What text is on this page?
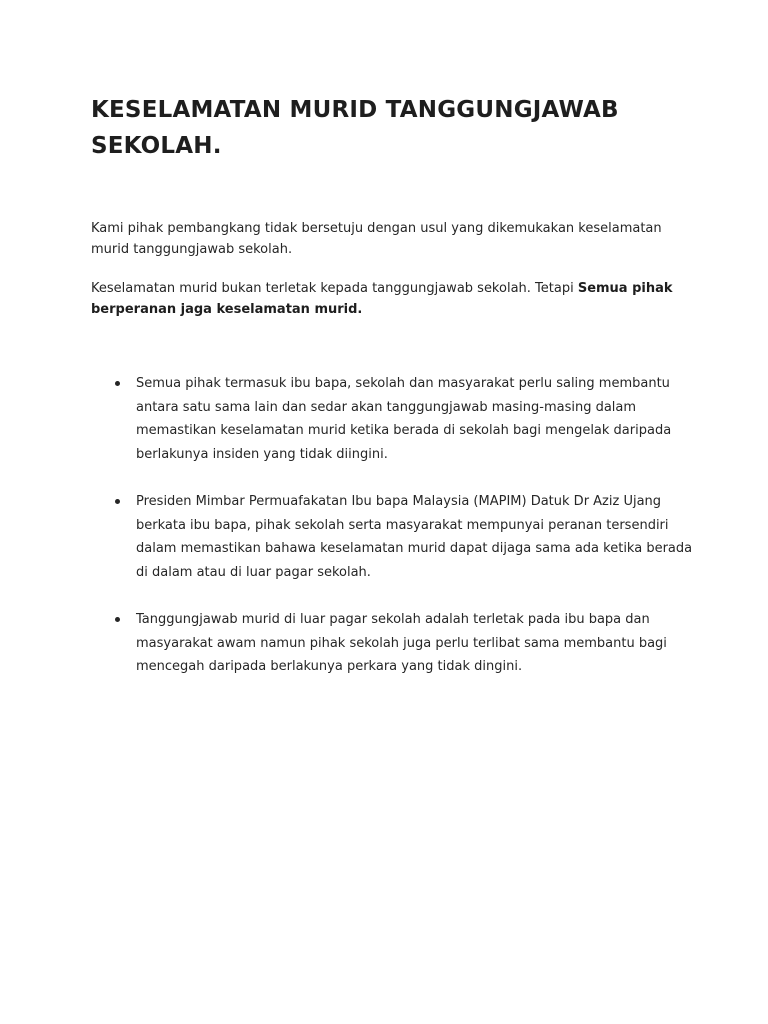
KESELAMATAN MURID TANGGUNGJAWAB SEKOLAH.

Kami pihak pembangkang tidak bersetuju dengan usul yang dikemukakan keselamatan murid tanggungjawab sekolah.

Keselamatan murid bukan terletak kepada tanggungjawab sekolah. Tetapi Semua pihak berperanan jaga keselamatan murid.

Semua pihak termasuk ibu bapa, sekolah dan masyarakat perlu saling membantu antara satu sama lain dan sedar akan tanggungjawab masing-masing dalam memastikan keselamatan murid ketika berada di sekolah bagi mengelak daripada berlakunya insiden yang tidak diingini.
Presiden Mimbar Permuafakatan Ibu bapa Malaysia (MAPIM) Datuk Dr Aziz Ujang berkata ibu bapa, pihak sekolah serta masyarakat mempunyai peranan tersendiri dalam memastikan bahawa keselamatan murid dapat dijaga sama ada ketika berada di dalam atau di luar pagar sekolah.
Tanggungjawab murid di luar pagar sekolah adalah terletak pada ibu bapa dan masyarakat awam namun pihak sekolah juga perlu terlibat sama membantu bagi mencegah daripada berlakunya perkara yang tidak dingini.
